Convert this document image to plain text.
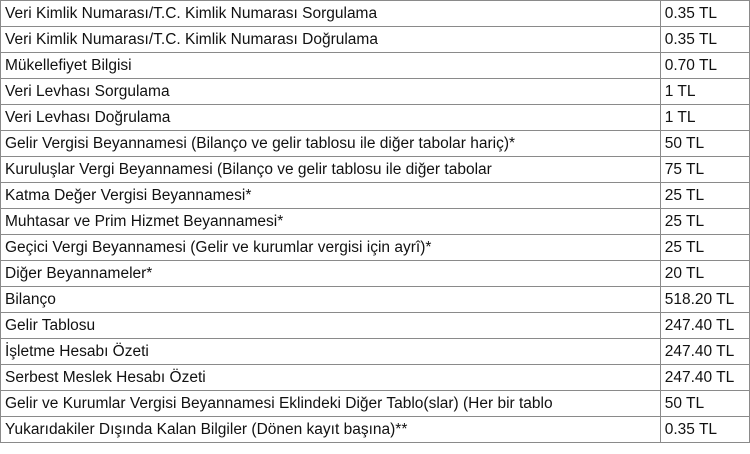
Veri Kimlik Numarası/T.C. Kimlik Numarası Sorgulama	0.35 TL
Veri Kimlik Numarası/T.C. Kimlik Numarası Doğrulama	0.35 TL
Mükellefiyet Bilgisi	0.70 TL
Veri Levhası Sorgulama	1 TL
Veri Levhası Doğrulama	1 TL
Gelir Vergisi Beyannamesi (Bilanço ve gelir tablosu ile diğer tabolar hariç)*	50 TL
Kuruluşlar Vergi Beyannamesi (Bilanço ve gelir tablosu ile diğer tabolar	75 TL
Katma Değer Vergisi Beyannamesi*	25 TL
Muhtasar ve Prim Hizmet Beyannamesi*	25 TL
Geçici Vergi Beyannamesi (Gelir ve kurumlar vergisi için ayrî)*	25 TL
Diğer Beyannameler*	20 TL
Bilanço	518.20 TL
Gelir Tablosu	247.40 TL
İşletme Hesabı Özeti	247.40 TL
Serbest Meslek Hesabı Özeti	247.40 TL
Gelir ve Kurumlar Vergisi Beyannamesi Eklindeki Diğer Tablo(slar) (Her bir tablo	50 TL
Yukarıdakiler Dışında Kalan Bilgiler (Dönen kayıt başına)**	0.35 TL
